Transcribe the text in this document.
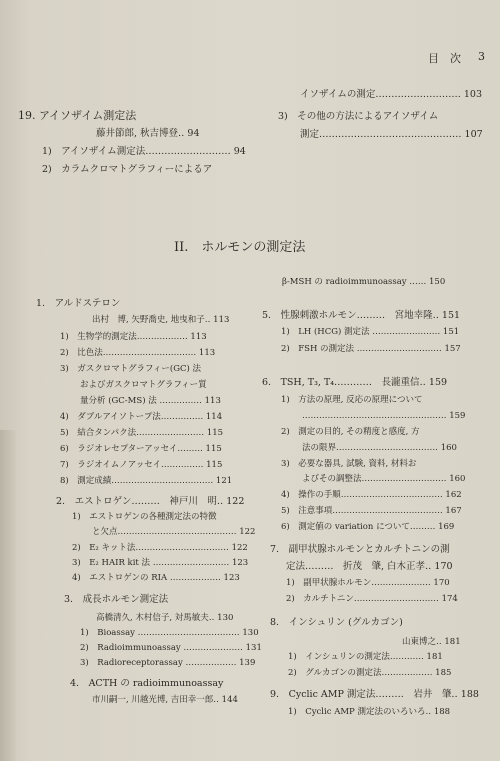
目　次 3
19. アイソザイム測定法
藤井節郎, 秋吉博登‥ 94
1)　アイソザイム測定法……………………… 94
2)　カラムクロマトグラフィーによるア
イソザイムの測定……………………… 103
3)　その他の方法によるアイソザイム
測定……………………………………… 107
II.　ホルモンの測定法
1.　アルドステロン
出村　博, 矢野喬史, 地曳和子‥ 113
1)　生物学的測定法……………… 113
2)　比色法…………………………… 113
3)　ガスクロマトグラフィー(GC) 法
およびガスクロマトグラフィー質
量分析 (GC-MS) 法 …………… 113
4)　ダブルアイソトープ法…………… 114
5)　結合タンパク法…………………… 115
6)　ラジオレセプターアッセイ……… 115
7)　ラジオイムノアッセイ…………… 115
8)　測定成績……………………………… 121
2.　エストロゲン………　神戸川　明‥ 122
1)　エストロゲンの各種測定法の特徴
と欠点…………………………………… 122
2)　E₂ キット法…………………………… 122
3)　E₂ HAIR kit 法 ……………………… 123
4)　エストロゲンの RIA ……………… 123
3.　成長ホルモン測定法
高橋清久, 木村信子, 対馬敏夫‥ 130
1)　Bioassay ……………………………… 130
2)　Radioimmunoassay ………………… 131
3)　Radioreceptorassay ……………… 139
4.　ACTH の radioimmunoassay
市川嗣一, 川越光博, 吉田幸一郎‥ 144
β-MSH の radioimmunoassay ‥‥‥ 150
5.　性腺刺激ホルモン………　宮地幸隆‥ 151
1)　LH (HCG) 測定法 …………………… 151
2)　FSH の測定法 ………………………… 157
6.　TSH, T₃, T₄…………　長瀧重信‥ 159
1)　方法の原理, 反応の原理について
…………………………………………… 159
2)　測定の目的, その精度と感度, 方
法の限界……………………………… 160
3)　必要な器具, 試験, 資料, 材料お
よびその調整法………………………… 160
4)　操作の手順……………………………… 162
5)　注意事項………………………………… 167
6)　測定値の variation について……… 169
7.　副甲状腺ホルモンとカルチトニンの測
定法………　折茂　肇, 白木正孝‥ 170
1)　副甲状腺ホルモン………………… 170
2)　カルチトニン………………………… 174
8.　インシュリン (グルカゴン)
山東博之‥ 181
1)　インシュリンの測定法………… 181
2)　グルカゴンの測定法……………… 185
9.　Cyclic AMP 測定法………　岩井　肇‥ 188
1)　Cyclic AMP 測定法のいろいろ‥ 188
